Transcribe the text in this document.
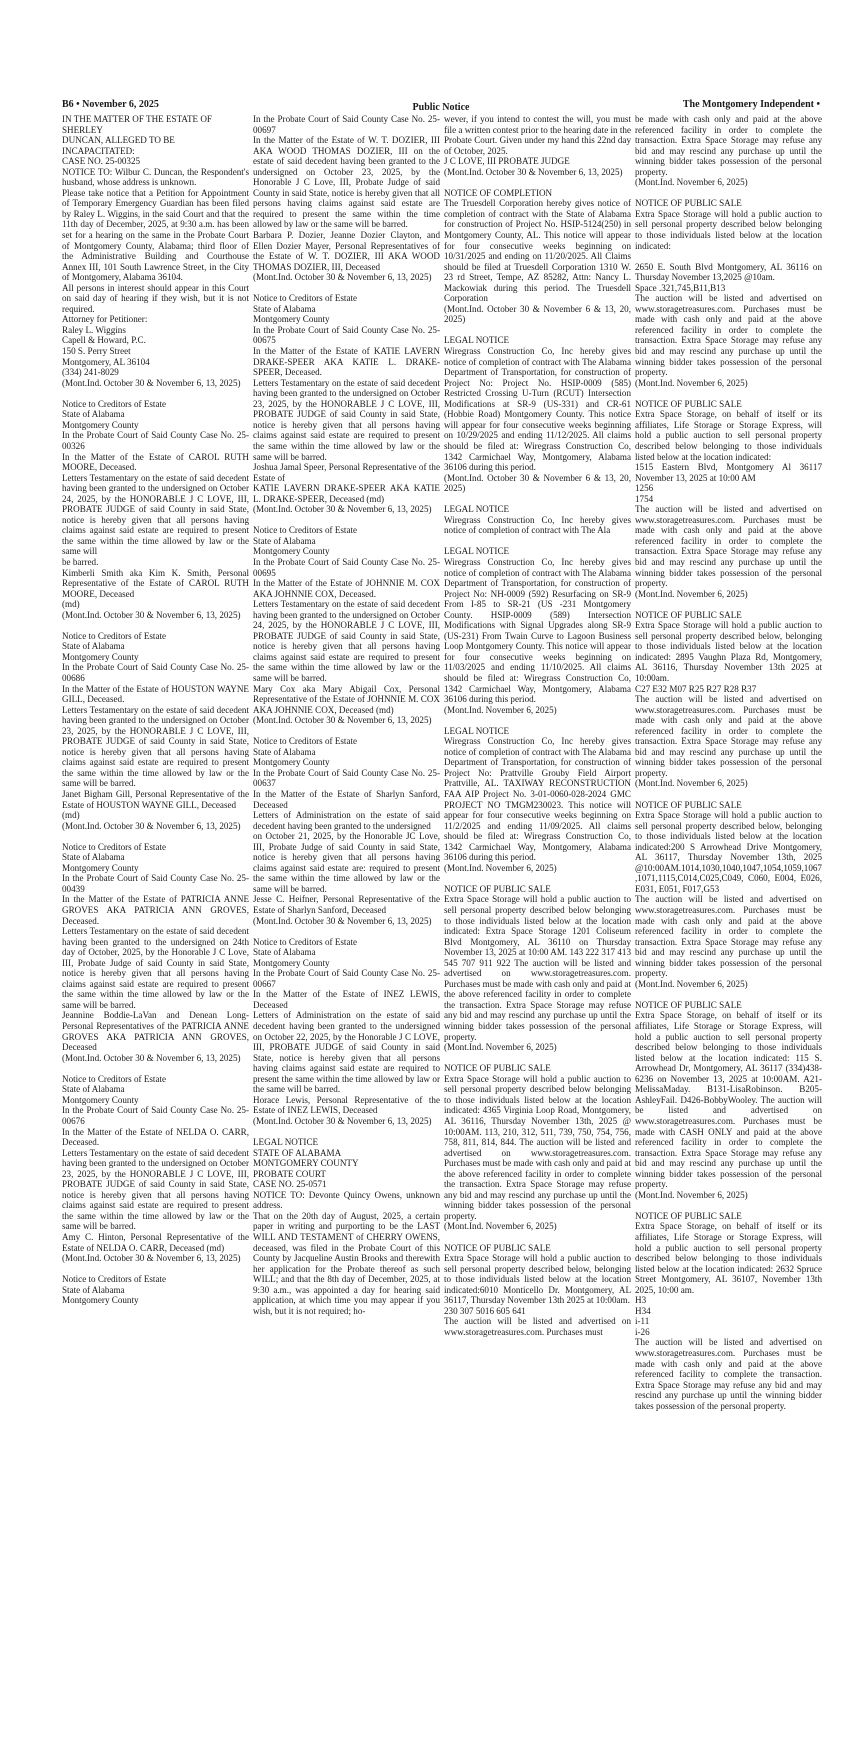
B6 • November 6, 2025	Public Notice	The Montgomery Independent •

IN THE MATTER OF THE ESTATE OF

SHERLEY

DUNCAN, ALLEGED TO BE

INCAPACITATED:

CASE NO. 25-00325

NOTICE TO: Wilbur C. Duncan, the Respondent's husband, whose address is unknown.

Please take notice that a Petition for Appointment of Temporary Emergency Guardian has been filed by Raley L. Wiggins, in the said Court and that the 11th day of December, 2025, at 9:30 a.m. has been set for a hearing on the same in the Probate Court of Montgomery County, Alabama; third floor of the Administrative Building and Courthouse Annex III, 101 South Lawrence Street, in the City of Montgomery, Alabama 36104.

All persons in interest should appear in this Court on said day of hearing if they wish, but it is not required.

Attorney for Petitioner:

Raley L. Wiggins

Capell & Howard, P.C.

150 S. Perry Street

Montgomery, AL 36104

(334) 241-8029

(Mont.Ind. October 30 & November 6, 13, 2025)

Notice to Creditors of Estate

State of Alabama

Montgomery County

In the Probate Court of Said County Case No. 25-00326

In the Matter of the Estate of CAROL RUTH MOORE, Deceased.

Letters Testamentary on the estate of said decedent having been granted to the undersigned on October 24, 2025, by the HONORABLE J C LOVE, III, PROBATE JUDGE of said County in said State, notice is hereby given that all persons having claims against said estate are required to present the same within the time allowed by law or the same will

be barred.

Kimberli Smith aka Kim K. Smith, Personal Representative of the Estate of CAROL RUTH MOORE, Deceased

(md)

(Mont.Ind. October 30 & November 6, 13, 2025)

Notice to Creditors of Estate

State of Alabama

Montgomery County

In the Probate Court of Said County Case No. 25-00686

In the Matter of the Estate of HOUSTON WAYNE GILL, Deceased.

Letters Testamentary on the estate of said decedent having been granted to the undersigned on October 23, 2025, by the HONORABLE J C LOVE, III, PROBATE JUDGE of said County in said State, notice is hereby given that all persons having claims against said estate are required to present the same within the time allowed by law or the same will be barred.

Janet Bigham Gill, Personal Representative of the Estate of HOUSTON WAYNE GILL, Deceased

(md)

(Mont.Ind. October 30 & November 6, 13, 2025)

Notice to Creditors of Estate

State of Alabama

Montgomery County

In the Probate Court of Said County Case No. 25-00439

In the Matter of the Estate of PATRICIA ANNE GROVES AKA PATRICIA ANN GROVES, Deceased.

Letters Testamentary on the estate of said decedent having been granted to the undersigned on 24th day of October, 2025, by the Honorable J C Love, III, Probate Judge of said County in said State, notice is hereby given that all persons having claims against said estate are required to present the same within the time allowed by law or the same will be barred.

Jeannine Boddie-LaVan and Denean Long-Personal Representatives of the PATRICIA ANNE GROVES AKA PATRICIA ANN GROVES, Deceased

(Mont.Ind. October 30 & November 6, 13, 2025)

Notice to Creditors of Estate

State of Alabama

Montgomery County

In the Probate Court of Said County Case No. 25-00676

In the Matter of the Estate of NELDA O. CARR, Deceased.

Letters Testamentary on the estate of said decedent having been granted to the undersigned on October 23, 2025, by the HONORABLE J C LOVE, III, PROBATE JUDGE of said County in said State, notice is hereby given that all persons having claims against said estate are required to present the same within the time allowed by law or the same will be barred.

Amy C. Hinton, Personal Representative of the Estate of NELDA O. CARR, Deceased (md)

(Mont.Ind. October 30 & November 6, 13, 2025)

Notice to Creditors of Estate

State of Alabama

Montgomery County

In the Probate Court of Said County Case No. 25-00697

In the Matter of the Estate of W. T. DOZIER, III AKA WOOD THOMAS DOZIER, III on the estate of said decedent having been granted to the undersigned on October 23, 2025, by the Honorable J C Love, III, Probate Judge of said County in said State, notice is hereby given that all persons having claims against said estate are required to present the same within the time allowed by law or the same will be barred.

Barbara P. Dozier, Jeanne Dozier Clayton, and Ellen Dozier Mayer, Personal Representatives of the Estate of W. T. DOZIER, III AKA WOOD THOMAS DOZIER, III, Deceased

(Mont.Ind. October 30 & November 6, 13, 2025)

Notice to Creditors of Estate

State of Alabama

Montgomery County

In the Probate Court of Said County Case No. 25-00675

In the Matter of the Estate of KATIE LAVERN DRAKE-SPEER AKA KATIE L. DRAKE- SPEER, Deceased.

Letters Testamentary on the estate of said decedent having been granted to the undersigned on October 23, 2025, by the HONORABLE J C LOVE, III, PROBATE JUDGE of said County in said State, notice is hereby given that all persons having claims against said estate are required to present the same within the time allowed by law or the same will be barred.

Joshua Jamal Speer, Personal Representative of the Estate of

KATIE LAVERN DRAKE-SPEER AKA KATIE L. DRAKE-SPEER, Deceased (md)

(Mont.Ind. October 30 & November 6, 13, 2025)

Notice to Creditors of Estate

State of Alabama

Montgomery County

In the Probate Court of Said County Case No. 25-00695

In the Matter of the Estate of JOHNNIE M. COX AKA JOHNNIE COX, Deceased.

Letters Testamentary on the estate of said decedent having been granted to the undersigned on October 24, 2025, by the HONORABLE J C LOVE, III, PROBATE JUDGE of said County in said State, notice is hereby given that all persons having claims against said estate are required to present the same within the time allowed by law or the same will be barred.

Mary Cox aka Mary Abigail Cox, Personal Representative of the Estate of JOHNNIE M. COX AKA JOHNNIE COX, Deceased (md)

(Mont.Ind. October 30 & November 6, 13, 2025)

Notice to Creditors of Estate

State of Alabama

Montgomery County

In the Probate Court of Said County Case No. 25-00637

In the Matter of the Estate of Sharlyn Sanford, Deceased

Letters of Administration on the estate of said decedent having been granted to the undersigned

on October 21, 2025, by the Honorable JC Love, III, Probate Judge of said County in said State, notice is hereby given that all persons having claims against said estate are: required to present the same within the time allowed by law or the same will be barred.

Jesse C. Heifner, Personal Representative of the Estate of Sharlyn Sanford, Deceased

(Mont.Ind. October 30 & November 6, 13, 2025)

Notice to Creditors of Estate

State of Alabama

Montgomery County

In the Probate Court of Said County Case No. 25-00667

In the Matter of the Estate of INEZ LEWIS, Deceased

Letters of Administration on the estate of said decedent having been granted to the undersigned on October 22, 2025, by the Honorable J C LOVE, III, PROBATE JUDGE of said County in said State, notice is hereby given that all persons having claims against said estate are required to present the same within the time allowed by law or the same will be barred.

Horace Lewis, Personal Representative of the Estate of INEZ LEWIS, Deceased

(Mont.Ind. October 30 & November 6, 13, 2025)

LEGAL NOTICE

STATE OF ALABAMA

MONTGOMERY COUNTY

PROBATE COURT

CASE NO. 25-0571

NOTICE TO: Devonte Quincy Owens, unknown address.

That on the 20th day of August, 2025, a certain paper in writing and purporting to be the LAST WILL AND TESTAMENT of CHERRY OWENS, deceased, was filed in the Probate Court of this County by Jacqueline Austin Brooks and therewith her application for the Probate thereof as such WILL; and that the 8th day of December, 2025, at 9:30 a.m., was appointed a day for hearing said application, at which time you may appear if you wish, but it is not required; ho-

wever, if you intend to contest the will, you must file a written contest prior to the hearing date in the Probate Court. Given under my hand this 22nd day of October, 2025.

J C LOVE, III PROBATE JUDGE

(Mont.Ind. October 30 & November 6, 13, 2025)

NOTICE OF COMPLETION

The Truesdell Corporation hereby gives notice of completion of contract with the State of Alabama for construction of Project No. HSIP-5124(250) in Montgomery County, AL. This notice will appear for four consecutive weeks beginning on 10/31/2025 and ending on 11/20/2025. All Claims should be filed at Truesdell Corporation 1310 W. 23 rd Street, Tempe, AZ 85282, Attn: Nancy L. Mackowiak during this period. The Truesdell Corporation

(Mont.Ind. October 30 & November 6 & 13, 20, 2025)

LEGAL NOTICE

Wiregrass Construction Co, Inc hereby gives notice of completion of contract with The Alabama Department of Transportation, for construction of Project No: Project No. HSIP-0009 (585) Restricted Crossing U-Turn (RCUT) Intersection Modifications at SR-9 (US-331) and CR-61 (Hobbie Road) Montgomery County. This notice will appear for four consecutive weeks beginning on 10/29/2025 and ending 11/12/2025. All claims should be filed at: Wiregrass Construction Co, 1342 Carmichael Way, Montgomery, Alabama 36106 during this period.

(Mont.Ind. October 30 & November 6 & 13, 20, 2025)

LEGAL NOTICE

Wiregrass Construction Co, Inc hereby gives notice of completion of contract with The Ala

LEGAL NOTICE

Wiregrass Construction Co, Inc hereby gives notice of completion of contract with The Alabama Department of Transportation, for construction of Project No: NH-0009 (592) Resurfacing on SR-9 From I-85 to SR-21 (US -231 Montgomery County. HSIP-0009 (589) Intersection Modifications with Signal Upgrades along SR-9 (US-231) From Twain Curve to Lagoon Business Loop Montgomery County. This notice will appear for four consecutive weeks beginning on 11/03/2025 and ending 11/10/2025. All claims should be filed at: Wiregrass Construction Co, 1342 Carmichael Way, Montgomery, Alabama 36106 during this period.

(Mont.Ind. November 6, 2025)

LEGAL NOTICE

Wiregrass Construction Co, Inc hereby gives notice of completion of contract with The Alabama Department of Transportation, for construction of Project No: Prattville Grouby Field Airport Prattville, AL. TAXIWAY RECONSTRUCTION FAA AIP Project No. 3-01-0060-028-2024 GMC PROJECT NO TMGM230023. This notice will appear for four consecutive weeks beginning on 11/2/2025 and ending 11/09/2025. All claims should be filed at: Wiregrass Construction Co, 1342 Carmichael Way, Montgomery, Alabama 36106 during this period.

(Mont.Ind. November 6, 2025)

NOTICE OF PUBLIC SALE

Extra Space Storage will hold a public auction to sell personal property described below belonging to those individuals listed below at the location indicated: Extra Space Storage 1201 Coliseum Blvd Montgomery, AL 36110 on Thursday November 13, 2025 at 10:00 AM. 143 222 317 413 545 707 911 922 The auction will be listed and advertised on www.storagetreasures.com. Purchases must be made with cash only and paid at the above referenced facility in order to complete the transaction. Extra Space Storage may refuse any bid and may rescind any purchase up until the winning bidder takes possession of the personal property.

(Mont.Ind. November 6, 2025)

NOTICE OF PUBLIC SALE

Extra Space Storage will hold a public auction to sell personal property described below belonging to those individuals listed below at the location indicated: 4365 Virginia Loop Road, Montgomery, AL 36116, Thursday November 13th, 2025 @ 10:00AM. 113, 210, 312, 511, 739, 750, 754, 756, 758, 811, 814, 844. The auction will be listed and advertised on www.storagetreasures.com. Purchases must be made with cash only and paid at the above referenced facility in order to complete the transaction. Extra Space Storage may refuse any bid and may rescind any purchase up until the winning bidder takes possession of the personal property.

(Mont.Ind. November 6, 2025)

NOTICE OF PUBLIC SALE

Extra Space Storage will hold a public auction to sell personal property described below, belonging to those individuals listed below at the location indicated:6010 Monticello Dr. Montgomery, AL 36117, Thursday November 13th 2025 at 10:00am.

230 307 5016 605 641

The auction will be listed and advertised on www.storagetreasures.com. Purchases must

be made with cash only and paid at the above referenced facility in order to complete the transaction. Extra Space Storage may refuse any bid and may rescind any purchase up until the winning bidder takes possession of the personal property.

(Mont.Ind. November 6, 2025)

NOTICE OF PUBLIC SALE

Extra Space Storage will hold a public auction to sell personal property described below belonging to those individuals listed below at the location indicated:

2650 E. South Blvd Montgomery, AL 36116 on Thursday November 13,2025 @10am.

Space .321,745,B11,B13

The auction will be listed and advertised on www.storagetreasures.com. Purchases must be made with cash only and paid at the above referenced facility in order to complete the transaction. Extra Space Storage may refuse any bid and may rescind any purchase up until the winning bidder takes possession of the personal property.

(Mont.Ind. November 6, 2025)

NOTICE OF PUBLIC SALE

Extra Space Storage, on behalf of itself or its affiliates, Life Storage or Storage Express, will hold a public auction to sell personal property described below belonging to those individuals listed below at the location indicated:

1515 Eastern Blvd, Montgomery Al 36117 November 13, 2025 at 10:00 AM

1256

1754

The auction will be listed and advertised on www.storagetreasures.com. Purchases must be made with cash only and paid at the above referenced facility in order to complete the transaction. Extra Space Storage may refuse any bid and may rescind any purchase up until the winning bidder takes possession of the personal property.

(Mont.Ind. November 6, 2025)

NOTICE OF PUBLIC SALE

Extra Space Storage will hold a public auction to sell personal property described below, belonging to those individuals listed below at the location indicated: 2895 Vaughn Plaza Rd, Montgomery, AL 36116, Thursday November 13th 2025 at 10:00am.

C27 E32 M07 R25 R27 R28 R37

The auction will be listed and advertised on www.storagetreasures.com. Purchases must be made with cash only and paid at the above referenced facility in order to complete the transaction. Extra Space Storage may refuse any bid and may rescind any purchase up until the winning bidder takes possession of the personal property.

(Mont.Ind. November 6, 2025)

NOTICE OF PUBLIC SALE

Extra Space Storage will hold a public auction to sell personal property described below, belonging to those individuals listed below at the location indicated:200 S Arrowhead Drive Montgomery, AL 36117, Thursday November 13th, 2025 @10:00AM.1014,1030,1040,1047,1054,1059,1067,1071,1115,C014,C025,C049, C060, E004, E026, E031, E051, F017,G53

The auction will be listed and advertised on www.storagetreasures.com. Purchases must be made with cash only and paid at the above referenced facility in order to complete the transaction. Extra Space Storage may refuse any bid and may rescind any purchase up until the winning bidder takes possession of the personal property.

(Mont.Ind. November 6, 2025)

NOTICE OF PUBLIC SALE

Extra Space Storage, on behalf of itself or its affiliates, Life Storage or Storage Express, will hold a public auction to sell personal property described below belonging to those individuals listed below at the location indicated: 115 S. Arrowhead Dr, Montgomery, AL 36117 (334)438-6236 on November 13, 2025 at 10:00AM. A21-MelissaMaday. B131-LisaRobinson. B205-AshleyFail. D426-BobbyWooley. The auction will be listed and advertised on www.storagetreasures.com. Purchases must be made with CASH ONLY and paid at the above referenced facility in order to complete the transaction. Extra Space Storage may refuse any bid and may rescind any purchase up until the winning bidder takes possession of the personal property.

(Mont.Ind. November 6, 2025)

NOTICE OF PUBLIC SALE

Extra Space Storage, on behalf of itself or its affiliates, Life Storage or Storage Express, will hold a public auction to sell personal property described below belonging to those individuals listed below at the location indicated: 2632 Spruce Street Montgomery, AL 36107, November 13th 2025, 10:00 am.

H3

H34

i-11

i-26

The auction will be listed and advertised on www.storagetreasures.com. Purchases must be made with cash only and paid at the above referenced facility to complete the transaction. Extra Space Storage may refuse any bid and may rescind any purchase up until the winning bidder takes possession of the personal property.
